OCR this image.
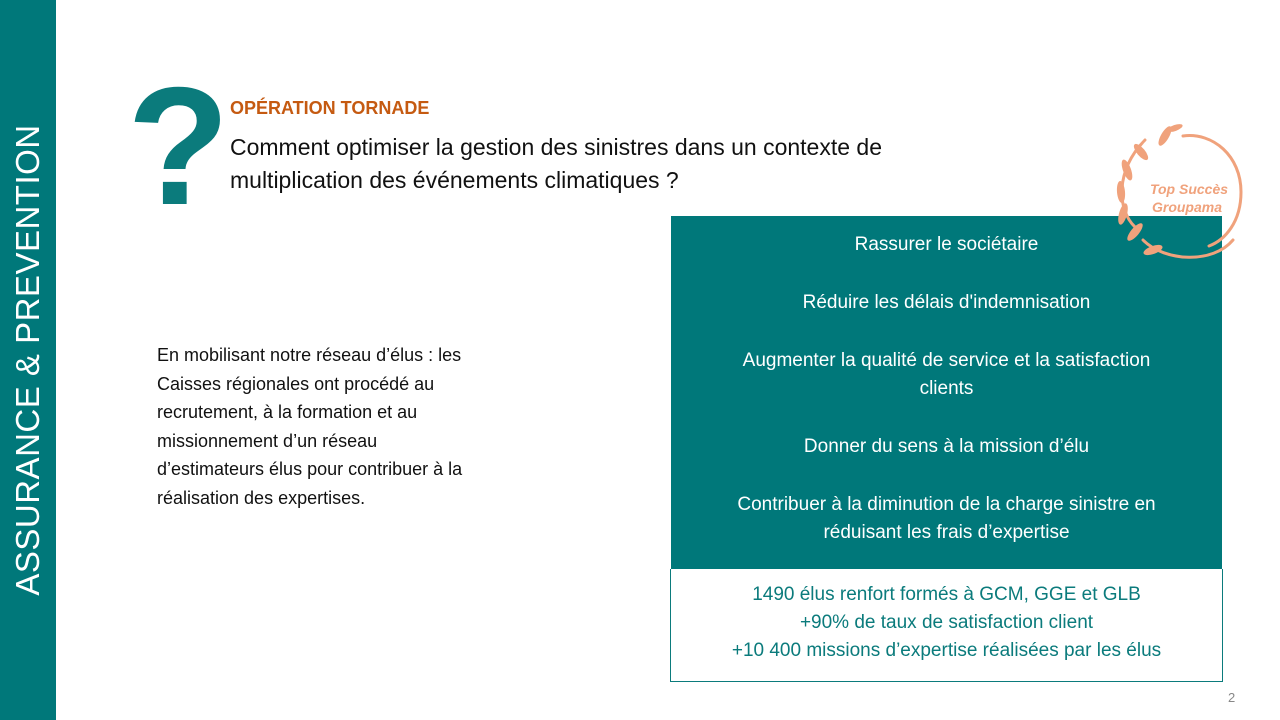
ASSURANCE & PREVENTION ? OPÉRATION TORNADE
Comment optimiser la gestion des sinistres dans un contexte de
multiplication des événements climatiques ?
En mobilisant notre réseau d’élus : les
Caisses régionales ont procédé au
recrutement, à la formation et au
missionnement d’un réseau
d’estimateurs élus pour contribuer à la
réalisation des expertises.
Rassurer le sociétaire
Réduire les délais d'indemnisation
Augmenter la qualité de service et la satisfaction
clients
Donner du sens à la mission d’élu
Contribuer à la diminution de la charge sinistre en
réduisant les frais d’expertise
1490 élus renfort formés à GCM, GGE et GLB
+90% de taux de satisfaction client
+10 400 missions d’expertise réalisées par les élus
Top Succès
Groupama
2
